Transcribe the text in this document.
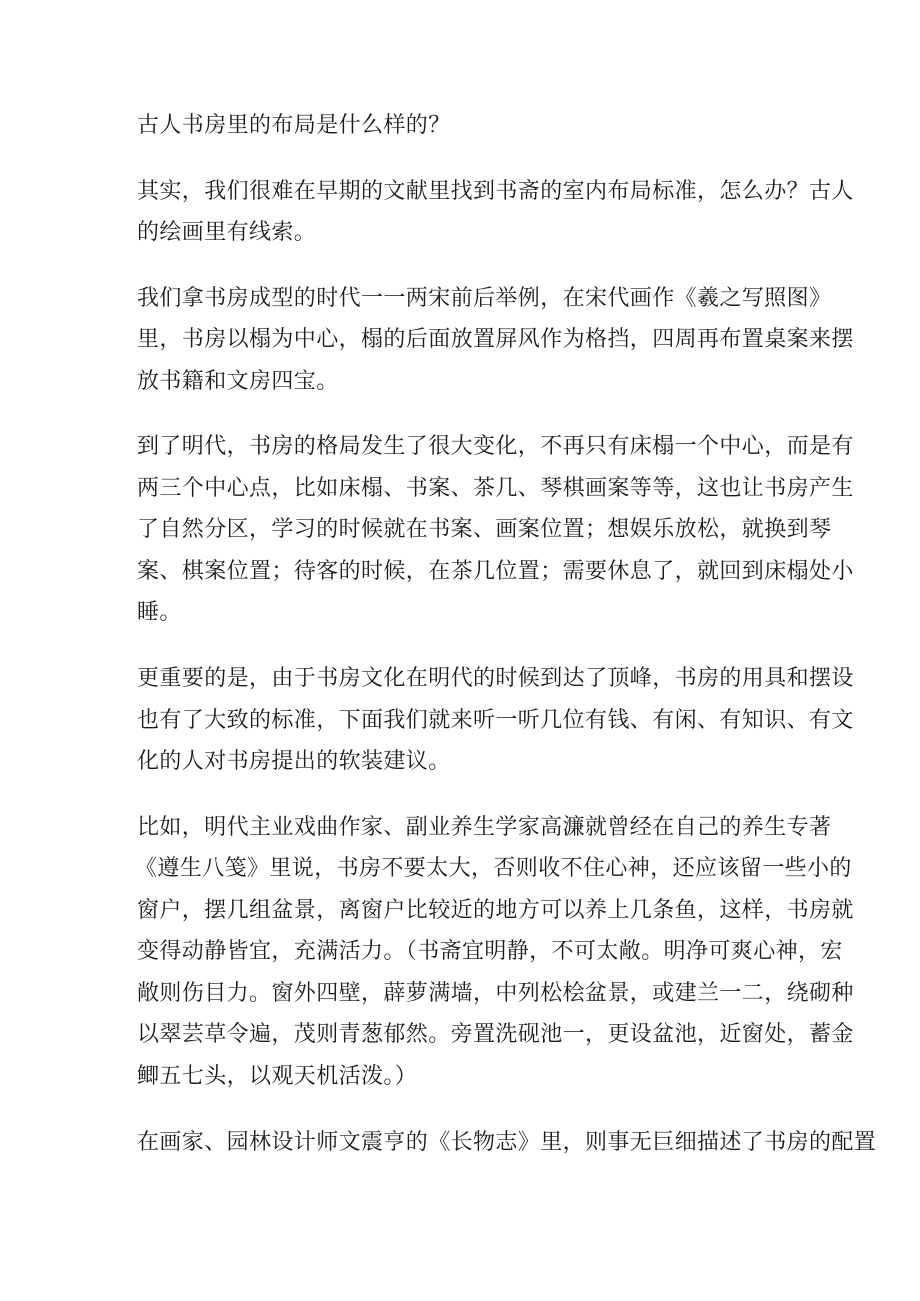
古人书房里的布局是什么样的？
其实，我们很难在早期的文献里找到书斋的室内布局标准，怎么办？古人
的绘画里有线索。
我们拿书房成型的时代一一两宋前后举例，在宋代画作《羲之写照图》
里，书房以榻为中心，榻的后面放置屏风作为格挡，四周再布置桌案来摆
放书籍和文房四宝。
到了明代，书房的格局发生了很大变化，不再只有床榻一个中心，而是有
两三个中心点，比如床榻、书案、茶几、琴棋画案等等，这也让书房产生
了自然分区，学习的时候就在书案、画案位置；想娱乐放松，就换到琴
案、棋案位置；待客的时候，在茶几位置；需要休息了，就回到床榻处小
睡。
更重要的是，由于书房文化在明代的时候到达了顶峰，书房的用具和摆设
也有了大致的标准，下面我们就来听一听几位有钱、有闲、有知识、有文
化的人对书房提出的软装建议。
比如，明代主业戏曲作家、副业养生学家高濂就曾经在自己的养生专著
《遵生八笺》里说，书房不要太大，否则收不住心神，还应该留一些小的
窗户，摆几组盆景，离窗户比较近的地方可以养上几条鱼，这样，书房就
变得动静皆宜，充满活力。（书斋宜明静，不可太敞。明净可爽心神，宏
敞则伤目力。窗外四壁，薜萝满墙，中列松桧盆景，或建兰一二，绕砌种
以翠芸草令遍，茂则青葱郁然。旁置洗砚池一，更设盆池，近窗处，蓄金
鲫五七头，以观天机活泼。）
在画家、园林设计师文震亨的《长物志》里，则事无巨细描述了书房的配置
